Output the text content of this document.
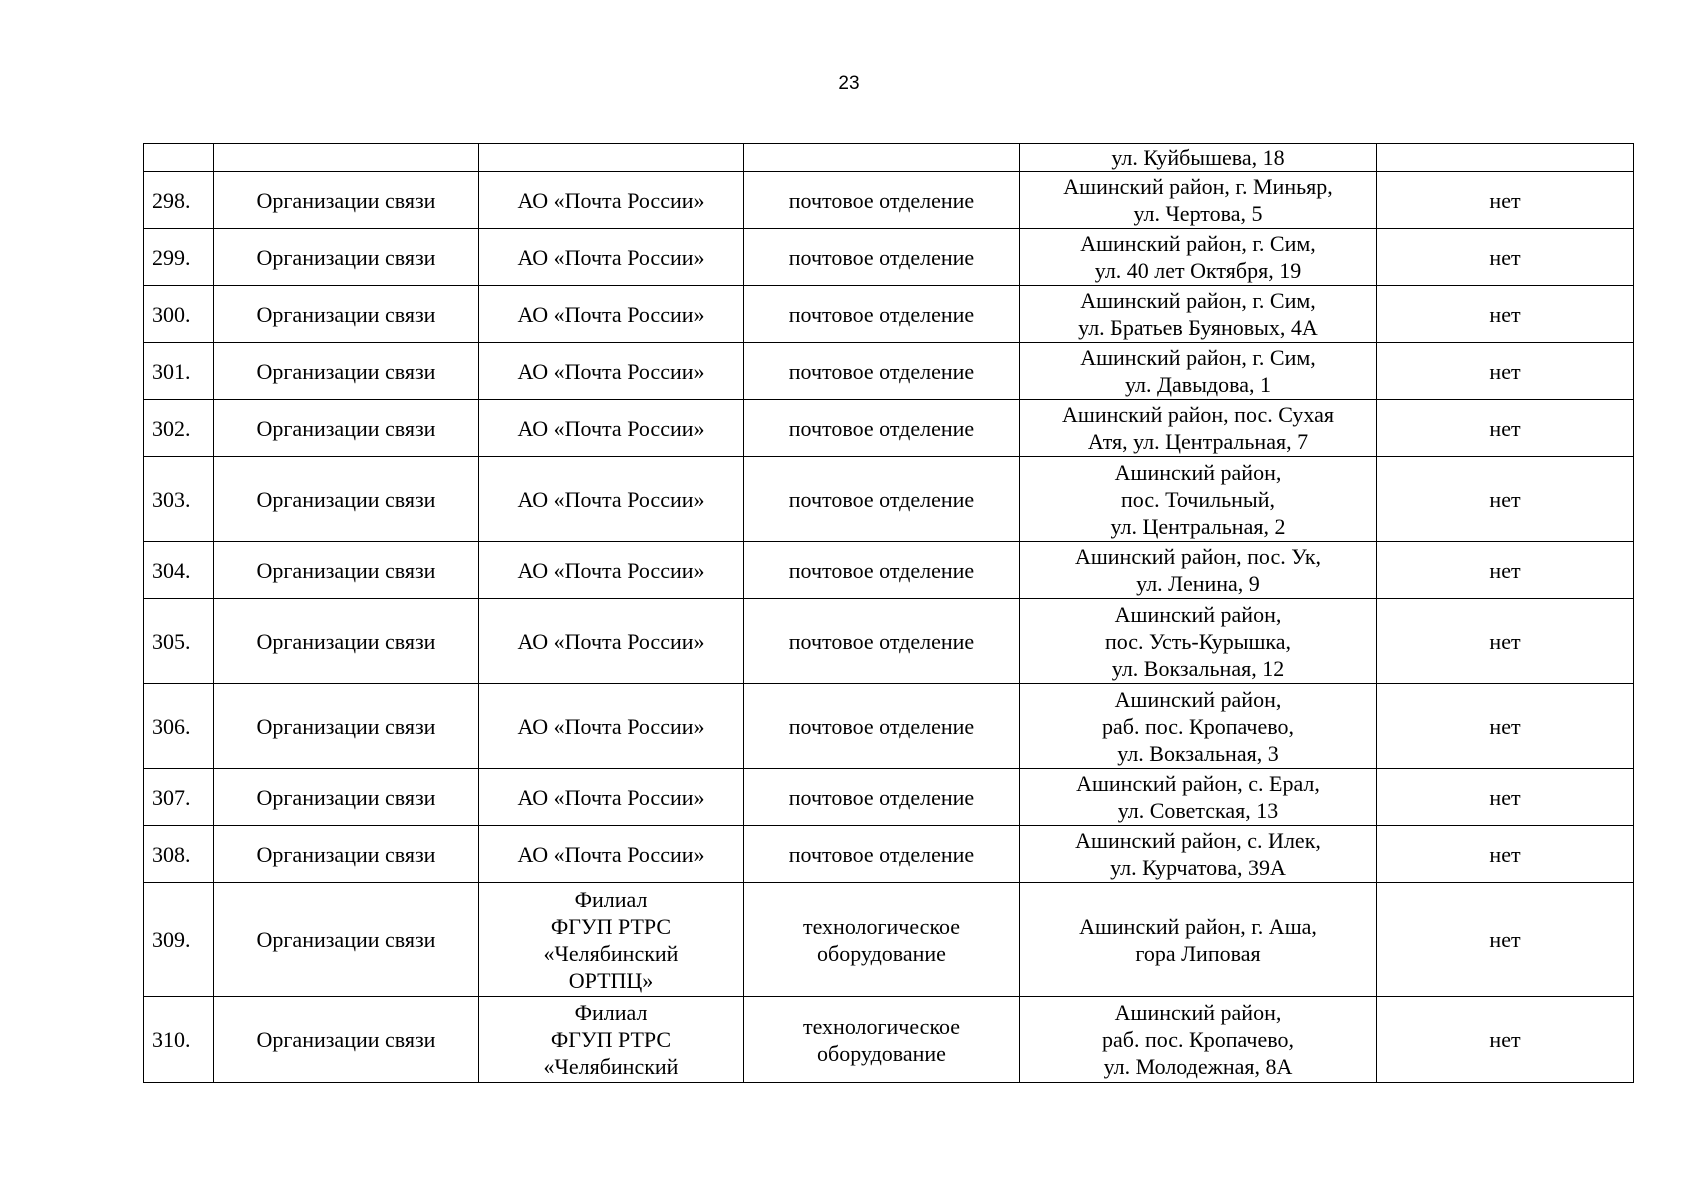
23

				ул. Куйбышева, 18	

298.	Организации связи	АО «Почта России»	почтовое отделение	Ашинский район, г. Миньяр,
ул. Чертова, 5	нет
299.	Организации связи	АО «Почта России»	почтовое отделение	Ашинский район, г. Сим,
ул. 40 лет Октября, 19	нет
300.	Организации связи	АО «Почта России»	почтовое отделение	Ашинский район, г. Сим,
ул. Братьев Буяновых, 4А	нет
301.	Организации связи	АО «Почта России»	почтовое отделение	Ашинский район, г. Сим,
ул. Давыдова, 1	нет
302.	Организации связи	АО «Почта России»	почтовое отделение	Ашинский район, пос. Сухая
Атя, ул. Центральная, 7	нет
303.	Организации связи	АО «Почта России»	почтовое отделение	Ашинский район,
пос. Точильный,
ул. Центральная, 2	нет
304.	Организации связи	АО «Почта России»	почтовое отделение	Ашинский район, пос. Ук,
ул. Ленина, 9	нет
305.	Организации связи	АО «Почта России»	почтовое отделение	Ашинский район,
пос. Усть-Курышка,
ул. Вокзальная, 12	нет
306.	Организации связи	АО «Почта России»	почтовое отделение	Ашинский район,
раб. пос. Кропачево,
ул. Вокзальная, 3	нет
307.	Организации связи	АО «Почта России»	почтовое отделение	Ашинский район, с. Ерал,
ул. Советская, 13	нет
308.	Организации связи	АО «Почта России»	почтовое отделение	Ашинский район, с. Илек,
ул. Курчатова, 39А	нет
309.	Организации связи	Филиал
ФГУП РТРС
«Челябинский
ОРТПЦ»	технологическое
оборудование	Ашинский район, г. Аша,
гора Липовая	нет
310.	Организации связи	Филиал
ФГУП РТРС
«Челябинский	технологическое
оборудование	Ашинский район,
раб. пос. Кропачево,
ул. Молодежная, 8А	нет
